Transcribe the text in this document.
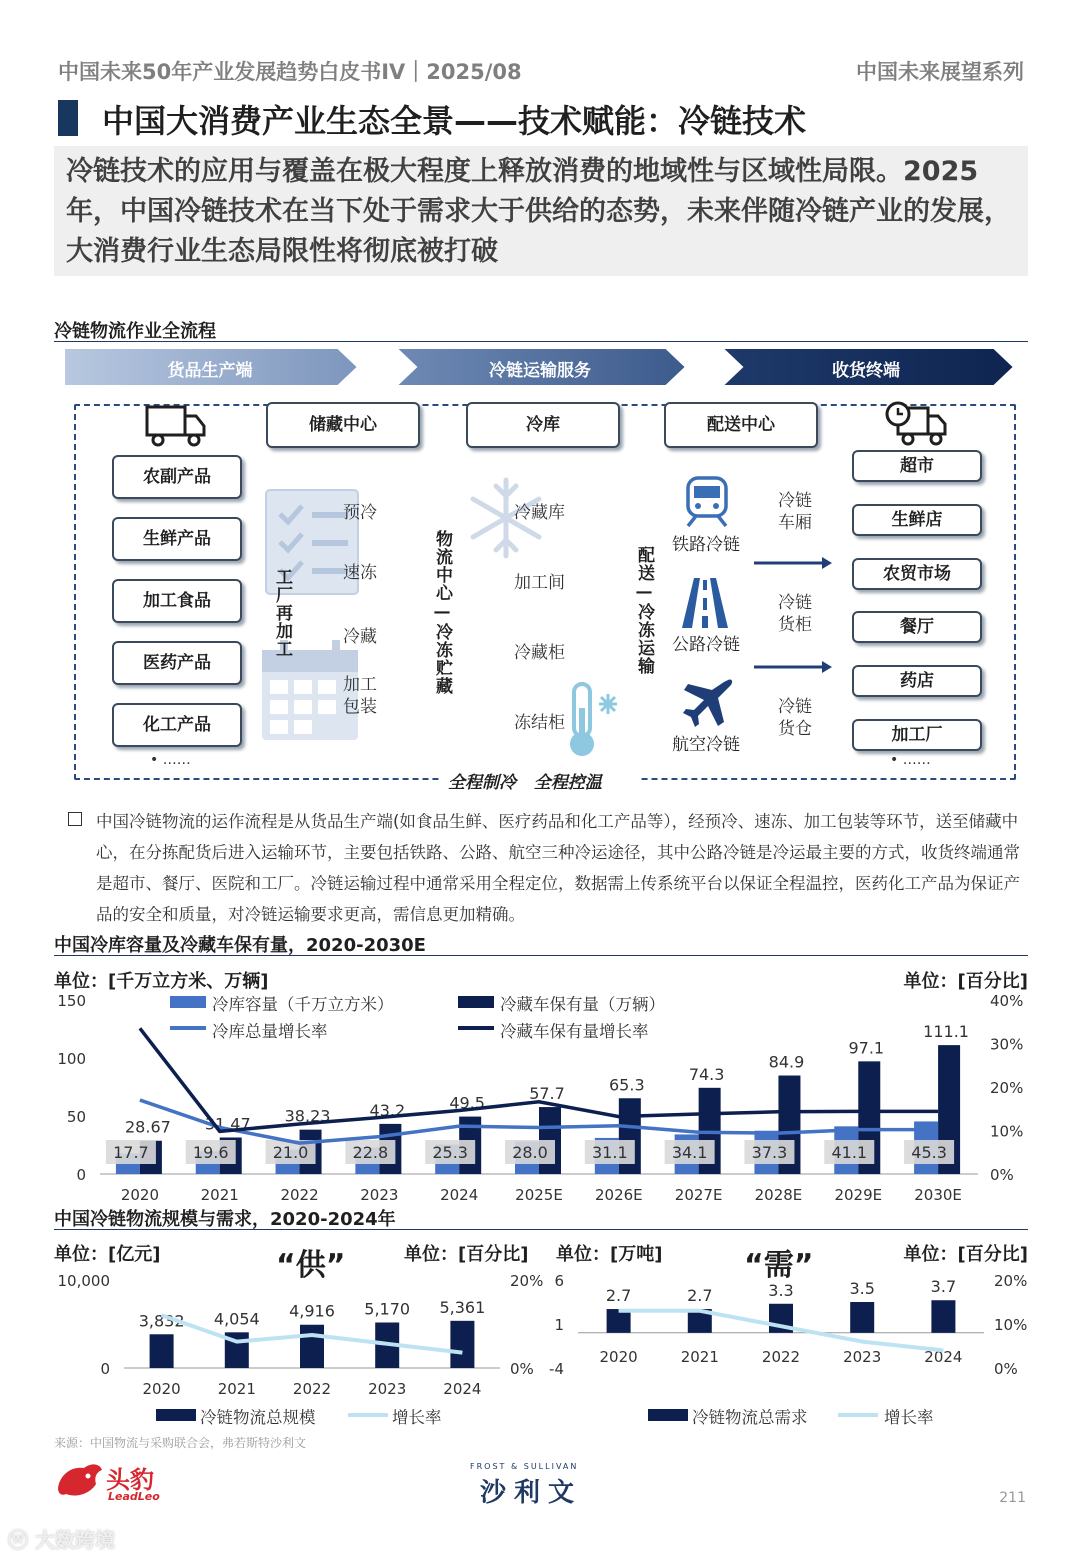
中国未来50年产业发展趋势白皮书IV｜2025/08	中国未来展望系列
中国大消费产业生态全景——技术赋能：冷链技术
冷链技术的应用与覆盖在极大程度上释放消费的地域性与区域性局限。2025年，中国冷链技术在当下处于需求大于供给的态势，未来伴随冷链产业的发展，大消费行业生态局限性将彻底被打破
冷链物流作业全流程
货品生产端	冷链运输服务	收货终端
全程制冷   全程控温
农副产品
生鲜产品
加工食品
医药产品
化工产品
• ……
储藏中心	冷库	配送中心
工厂再加工
预冷
速冻
冷藏
加工包装
物流中心—冷冻贮藏
冷藏库
加工间
冷藏柜
冻结柜
配送—冷冻运输
铁路冷链
公路冷链
航空冷链
冷链车厢
冷链货柜
冷链货仓
超市
生鲜店
农贸市场
餐厅
药店
加工厂
• ……
中国冷链物流的运作流程是从货品生产端(如食品生鲜、医疗药品和化工产品等），经预冷、速冻、加工包装等环节，送至储藏中心，在分拣配货后进入运输环节，主要包括铁路、公路、航空三种冷运途径，其中公路冷链是冷运最主要的方式，收货终端通常是超市、餐厅、医院和工厂。冷链运输过程中通常采用全程定位，数据需上传系统平台以保证全程温控，医药化工产品为保证产品的安全和质量，对冷链运输要求更高，需信息更加精确。
中国冷库容量及冷藏车保有量，2020-2030E
单位：[千万立方米、万辆]	单位：[百分比]
冷库容量（千万立方米）	冷藏车保有量（万辆）
冷库总量增长率	冷藏车保有量增长率
0
50
100
150
0%
10%
20%
30%
40%
17.7
28.67
2020
19.6
31.47
2021
21.0
38.23
2022
22.8
43.2
2023
25.3
49.5
2024
28.0
57.7
2025E
31.1
65.3
2026E
34.1
74.3
2027E
37.3
84.9
2028E
41.1
97.1
2029E
45.3
111.1
2030E
中国冷链物流规模与需求，2020-2024年
单位：[亿元]	单位：[百分比]
“供”	单位：[万吨]	单位：[百分比]
“需”
0
10,000
0%
20%
3,832
2020
4,054
2021
4,916
2022
5,170
2023
5,361
2024
-4
1
6
0%
10%
20%
2.7
2020
2.7
2021
3.3
2022
3.5
2023
3.7
2024
冷链物流总规模	增长率	冷链物流总需求	增长率
来源：中国物流与采购联合会，弗若斯特沙利文
头豹
LeadLeo
FROST & SULLIVAN
沙利文	211
ⓦ 大数跨境
